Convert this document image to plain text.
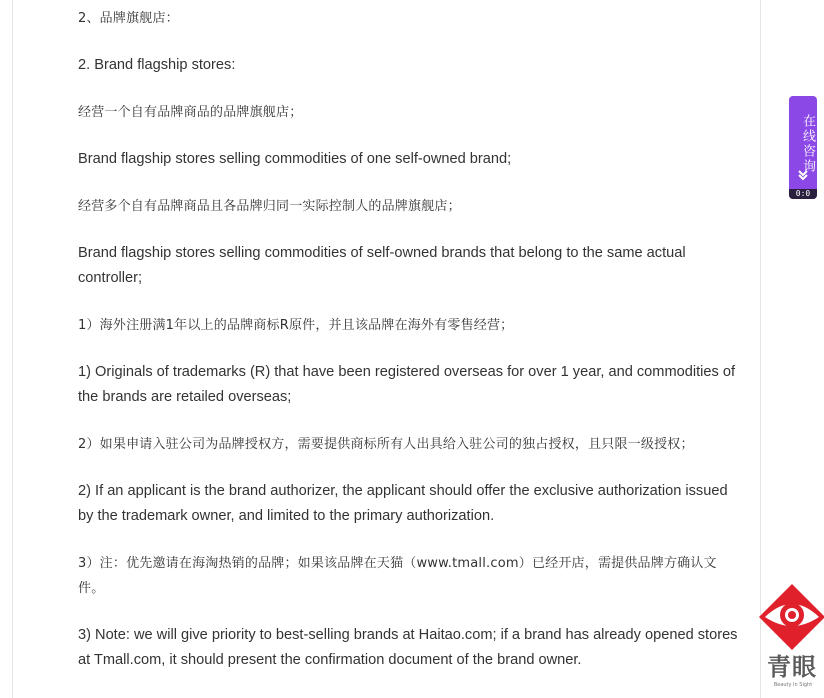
2、品牌旗舰店：

2. Brand flagship stores:

经营一个自有品牌商品的品牌旗舰店；

Brand flagship stores selling commodities of one self-owned brand;

经营多个自有品牌商品且各品牌归同一实际控制人的品牌旗舰店；

Brand flagship stores selling commodities of self-owned brands that belong to the same actual controller;

1）海外注册满1年以上的品牌商标R原件，并且该品牌在海外有零售经营；

1) Originals of trademarks (R) that have been registered overseas for over 1 year, and commodities of the brands are retailed overseas;

2）如果申请入驻公司为品牌授权方，需要提供商标所有人出具给入驻公司的独占授权，且只限一级授权；

2) If an applicant is the brand authorizer, the applicant should offer the exclusive authorization issued by the trademark owner, and limited to the primary authorization.

3）注：优先邀请在海淘热销的品牌；如果该品牌在天猫（www.tmall.com）已经开店，需提供品牌方确认文件。

3) Note: we will give priority to best-selling brands at Haitao.com; if a brand has already opened stores at Tmall.com, it should present the confirmation document of the brand owner.

在线咨询
0:0
青眼
Beauty In Sight
